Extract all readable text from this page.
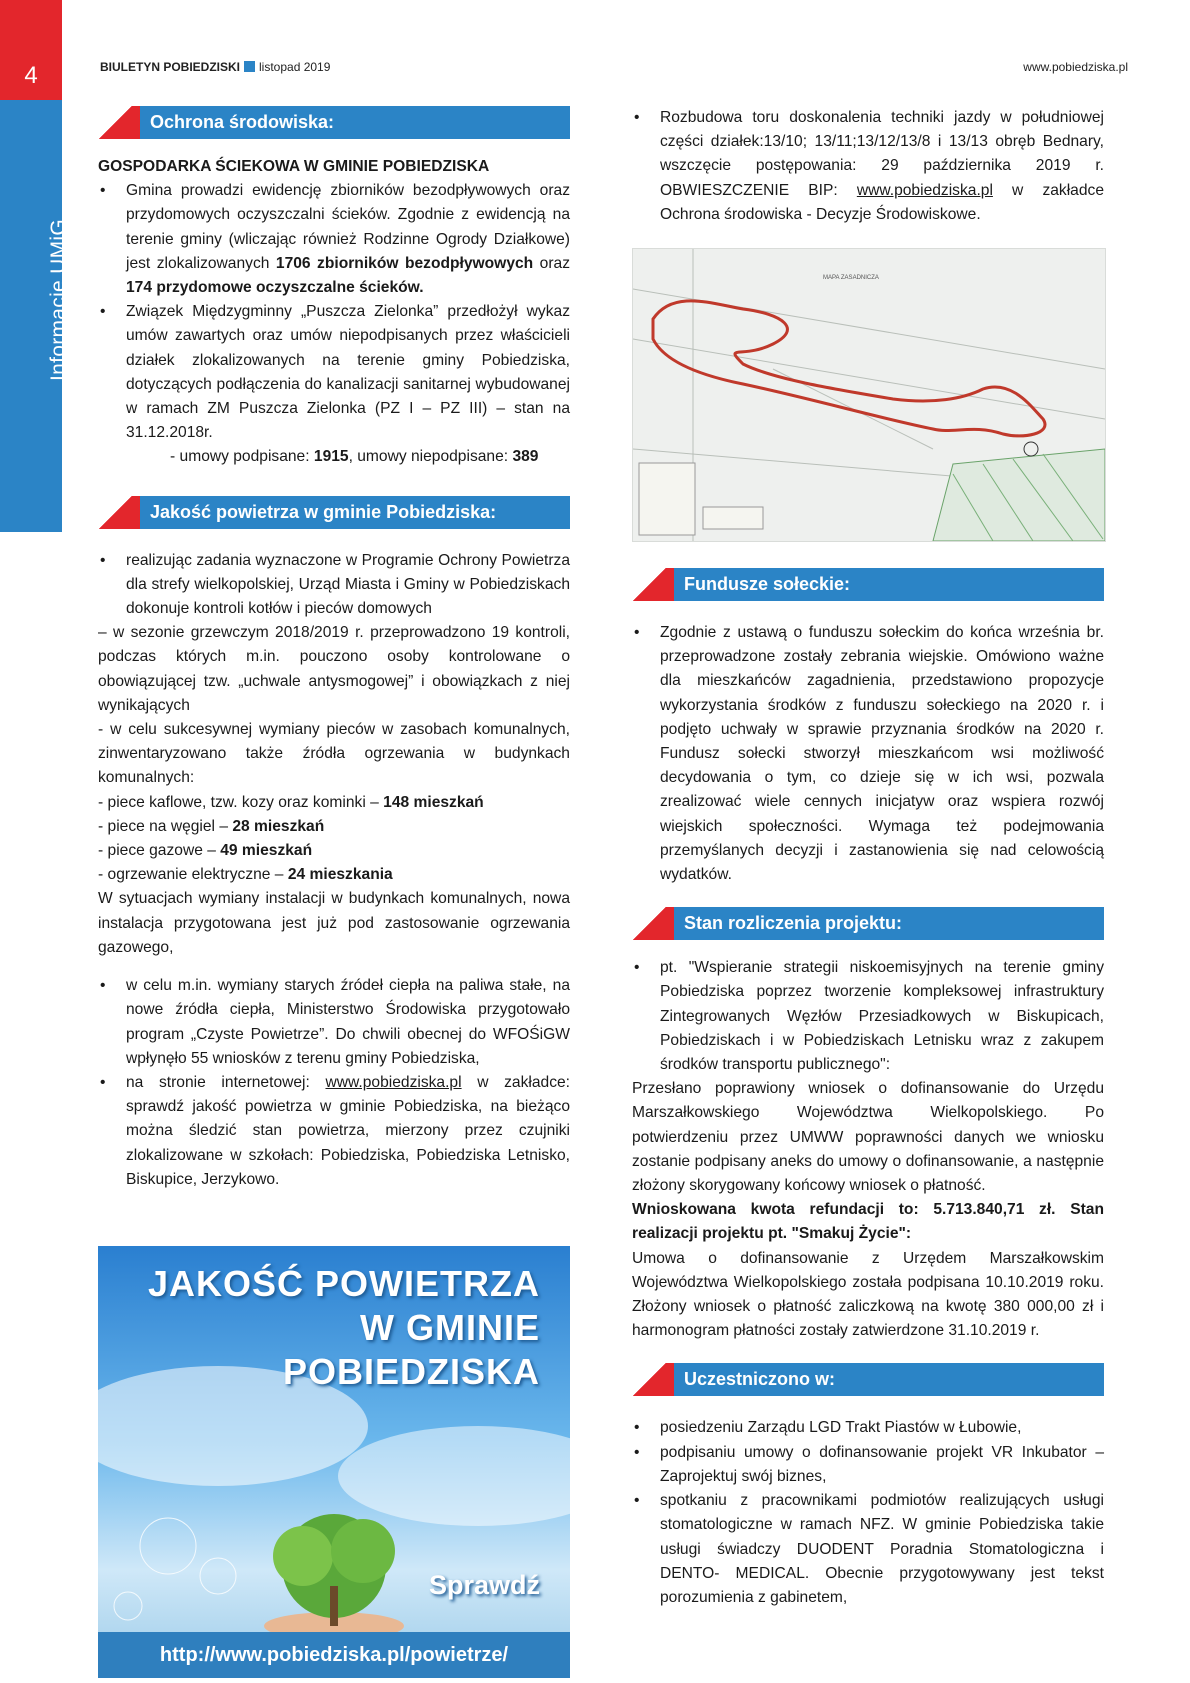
4
Informacje UMiG
BIULETYN POBIEDZISKI listopad 2019	www.pobiedziska.pl
Ochrona środowiska:

GOSPODARKA ŚCIEKOWA W GMINIE POBIEDZISKA

• Gmina prowadzi ewidencję zbiorników bezodpływowych oraz przydomowych oczyszczalni ścieków. Zgodnie z ewidencją na terenie gminy (wliczając również Rodzinne Ogrody Działkowe) jest zlokalizowanych 1706 zbiorników bezodpływowych oraz 174 przydomowe oczyszczalne ścieków.

• Związek Międzygminny „Puszcza Zielonka” przedłożył wykaz umów zawartych oraz umów niepodpisanych przez właścicieli działek zlokalizowanych na terenie gminy Pobiedziska, dotyczących podłączenia do kanalizacji sanitarnej wybudowanej w ramach ZM Puszcza Zielonka (PZ I – PZ III) – stan na 31.12.2018r.

- umowy podpisane: 1915, umowy niepodpisane: 389

Jakość powietrza w gminie Pobiedziska:

• realizując zadania wyznaczone w Programie Ochrony Powietrza dla strefy wielkopolskiej, Urząd Miasta i Gminy w Pobiedziskach dokonuje kontroli kotłów i pieców domowych

– w sezonie grzewczym 2018/2019 r. przeprowadzono 19 kontroli, podczas których m.in. pouczono osoby kontrolowane o obowiązującej tzw. „uchwale antysmogowej” i obowiązkach z niej wynikających

- w celu sukcesywnej wymiany pieców w zasobach komunalnych, zinwentaryzowano także źródła ogrzewania w budynkach komunalnych:

- piece kaflowe, tzw. kozy oraz kominki – 148 mieszkań

- piece na węgiel – 28 mieszkań

- piece gazowe – 49 mieszkań

- ogrzewanie elektryczne – 24 mieszkania

W sytuacjach wymiany instalacji w budynkach komunalnych, nowa instalacja przygotowana jest już pod zastosowanie ogrzewania gazowego,

• w celu m.in. wymiany starych źródeł ciepła na paliwa stałe, na nowe źródła ciepła, Ministerstwo Środowiska przygotowało program „Czyste Powietrze”. Do chwili obecnej do WFOŚiGW wpłynęło 55 wniosków z terenu gminy Pobiedziska,

• na stronie internetowej: www.pobiedziska.pl w zakładce: sprawdź jakość powietrza w gminie Pobiedziska, na bieżąco można śledzić stan powietrza, mierzony przez czujniki zlokalizowane w szkołach: Pobiedziska, Pobiedziska Letnisko, Biskupice, Jerzykowo.

JAKOŚĆ POWIETRZA
W GMINIE
POBIEDZISKA
Sprawdź
http://www.pobiedziska.pl/powietrze/

• Rozbudowa toru doskonalenia techniki jazdy w południowej części działek:13/10; 13/11;13/12/13/8 i 13/13 obręb Bednary, wszczęcie postępowania: 29 października 2019 r. OBWIESZCZENIE BIP: www.pobiedziska.pl w zakładce Ochrona środowiska - Decyzje Środowiskowe.

MAPA ZASADNICZA
Fundusze sołeckie:

• Zgodnie z ustawą o funduszu sołeckim do końca września br. przeprowadzone zostały zebrania wiejskie. Omówiono ważne dla mieszkańców zagadnienia, przedstawiono propozycje wykorzystania środków z funduszu sołeckiego na 2020 r. i podjęto uchwały w sprawie przyznania środków na 2020 r. Fundusz sołecki stworzył mieszkańcom wsi możliwość decydowania o tym, co dzieje się w ich wsi, pozwala zrealizować wiele cennych inicjatyw oraz wspiera rozwój wiejskich społeczności. Wymaga też podejmowania przemyślanych decyzji i zastanowienia się nad celowością wydatków.

Stan rozliczenia projektu:

• pt. "Wspieranie strategii niskoemisyjnych na terenie gminy Pobiedziska poprzez tworzenie kompleksowej infrastruktury Zintegrowanych Węzłów Przesiadkowych w Biskupicach, Pobiedziskach i w Pobiedziskach Letnisku wraz z zakupem środków transportu publicznego":

Przesłano poprawiony wniosek o dofinansowanie do Urzędu Marszałkowskiego Województwa Wielkopolskiego. Po potwierdzeniu przez UMWW poprawności danych we wniosku zostanie podpisany aneks do umowy o dofinansowanie, a następnie złożony skorygowany końcowy wniosek o płatność.

Wnioskowana kwota refundacji to: 5.713.840,71 zł. Stan realizacji projektu pt. "Smakuj Życie":

Umowa o dofinansowanie z Urzędem Marszałkowskim Województwa Wielkopolskiego została podpisana 10.10.2019 roku. Złożony wniosek o płatność zaliczkową na kwotę 380 000,00 zł i harmonogram płatności zostały zatwierdzone 31.10.2019 r.

Uczestniczono w:

• posiedzeniu Zarządu LGD Trakt Piastów w Łubowie,

• podpisaniu umowy o dofinansowanie projekt VR Inkubator – Zaprojektuj swój biznes,

• spotkaniu z pracownikami podmiotów realizujących usługi stomatologiczne w ramach NFZ. W gminie Pobiedziska takie usługi świadczy DUODENT Poradnia Stomatologiczna i DENTO- MEDICAL. Obecnie przygotowywany jest tekst porozumienia z gabinetem,
